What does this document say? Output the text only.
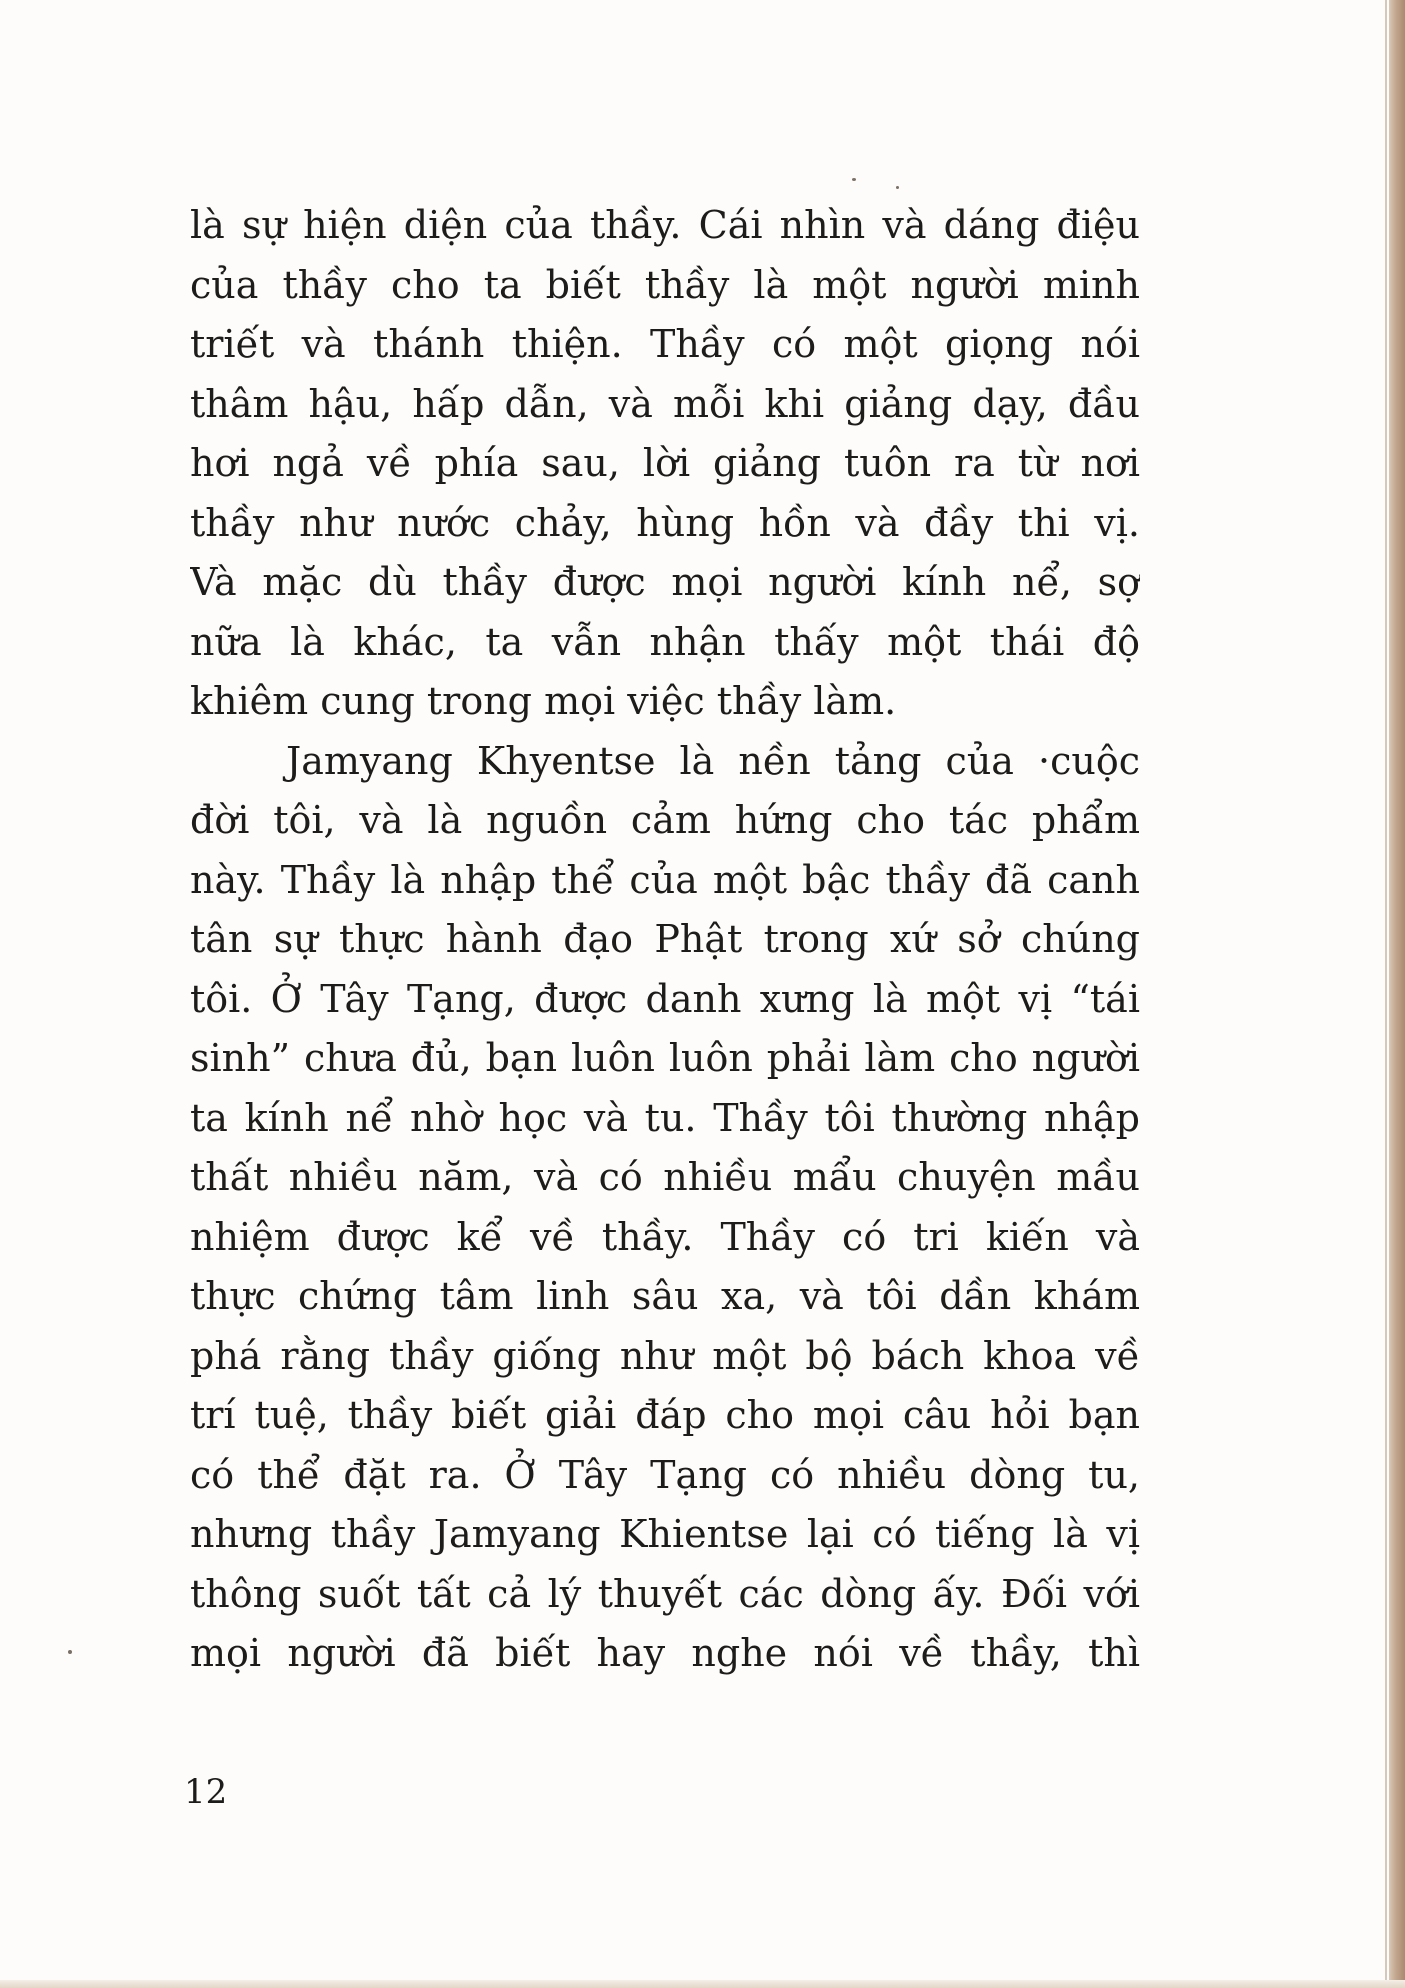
là sự hiện diện của thầy. Cái nhìn và dáng điệu
của thầy cho ta biết thầy là một người minh
triết và thánh thiện. Thầy có một giọng nói
thâm hậu, hấp dẫn, và mỗi khi giảng dạy, đầu
hơi ngả về phía sau, lời giảng tuôn ra từ nơi
thầy như nước chảy, hùng hồn và đầy thi vị.
Và mặc dù thầy được mọi người kính nể, sợ
nữa là khác, ta vẫn nhận thấy một thái độ
khiêm cung trong mọi việc thầy làm.
Jamyang Khyentse là nền tảng của ·cuộc
đời tôi, và là nguồn cảm hứng cho tác phẩm
này. Thầy là nhập thể của một bậc thầy đã canh
tân sự thực hành đạo Phật trong xứ sở chúng
tôi. Ở Tây Tạng, được danh xưng là một vị “tái
sinh” chưa đủ, bạn luôn luôn phải làm cho người
ta kính nể nhờ học và tu. Thầy tôi thường nhập
thất nhiều năm, và có nhiều mẩu chuyện mầu
nhiệm được kể về thầy. Thầy có tri kiến và
thực chứng tâm linh sâu xa, và tôi dần khám
phá rằng thầy giống như một bộ bách khoa về
trí tuệ, thầy biết giải đáp cho mọi câu hỏi bạn
có thể đặt ra. Ở Tây Tạng có nhiều dòng tu,
nhưng thầy Jamyang Khientse lại có tiếng là vị
thông suốt tất cả lý thuyết các dòng ấy. Đối với
mọi người đã biết hay nghe nói về thầy, thì
12
